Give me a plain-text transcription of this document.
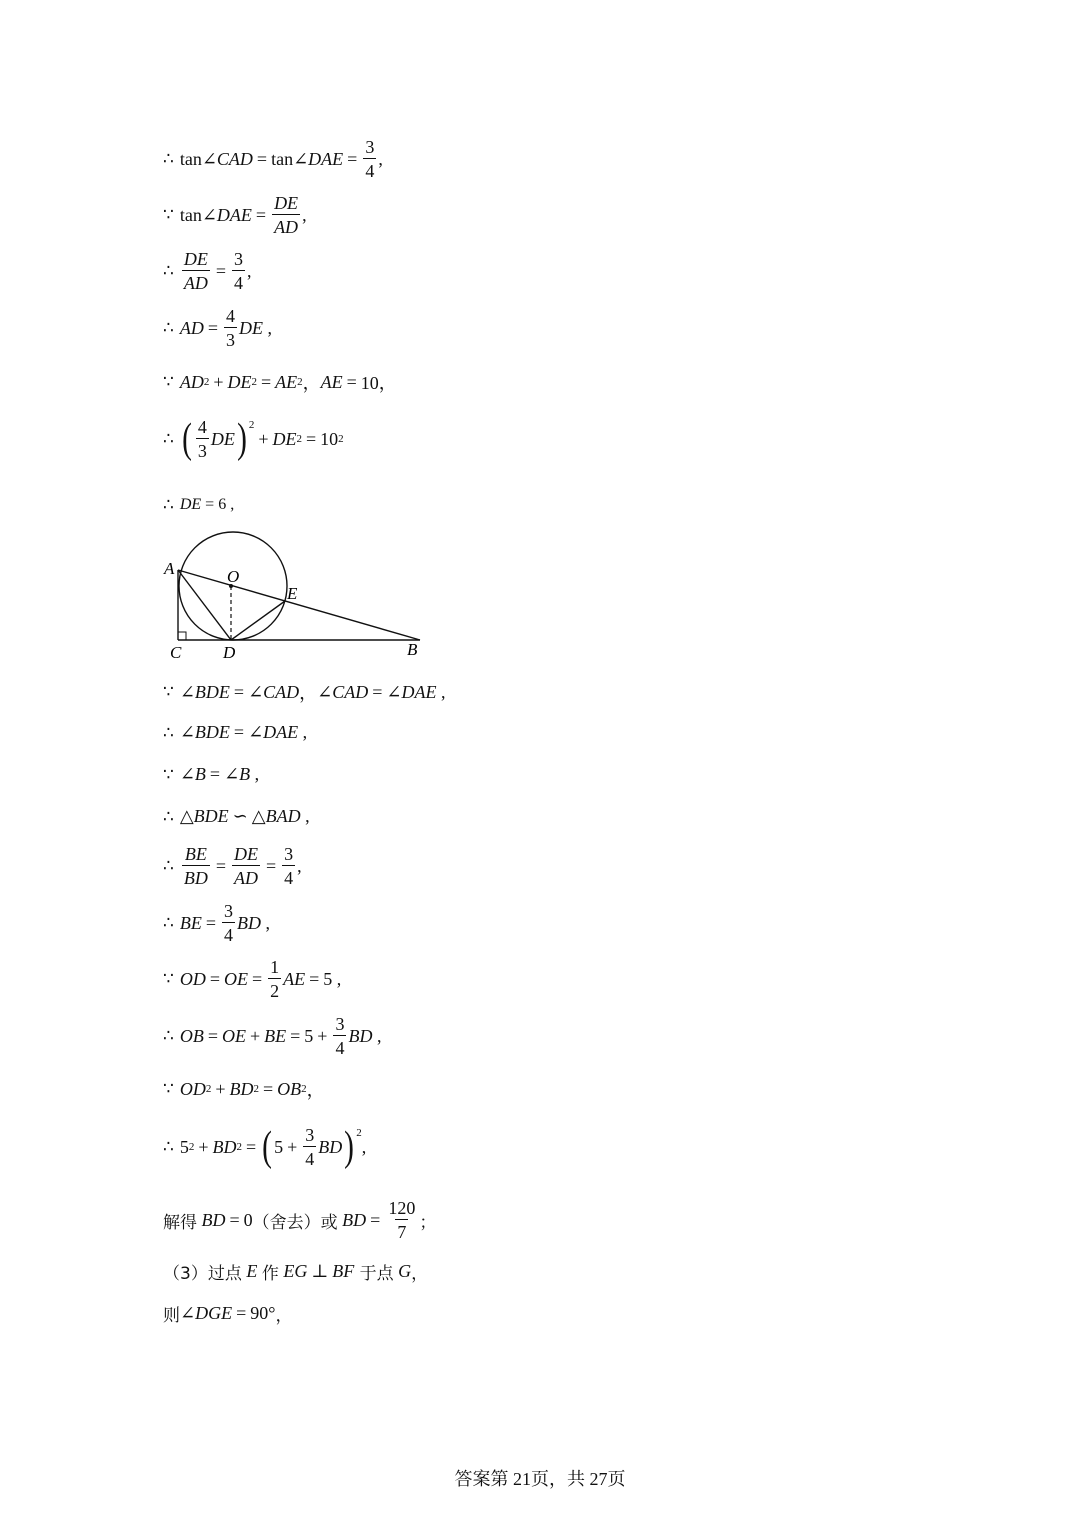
∴ tan ∠CAD = tan ∠DAE = $\frac{3}{4}$ ,
∵ tan ∠DAE = $\frac{DE}{AD}$ ,
∴ $\frac{DE}{AD} = \frac{3}{4}$ ,
∴ AD = $\frac{4}{3}$ DE ,
∵ AD 2 + DE 2 = AE 2 ， AE = 10，
∴ ( $\frac{4}{3}$ DE )$^2$
+ DE 2 = 10 2
∴ DE = 6 ,
A	O
E
C D	B
∵ ∠BDE = ∠CAD ， ∠CAD = ∠DAE ,
∴ ∠BDE = ∠DAE ,
∵ ∠B = ∠B ,
∴ △ BDE ∽ △ BAD ,
∴ $\frac{BE}{BD} = \frac{DE}{AD} = \frac{3}{4}$ ,
∴ BE = $\frac{3}{4}$ BD ,
∵ OD = OE = $\frac{1}{2}$ AE = 5 ,
∴ OB = OE + BE = $5 + \frac{3}{4}$ BD ,
∵ OD 2 + BD 2 = OB 2 ，
∴ 5 2 + BD 2 = ( $5 + \frac{3}{4}$ BD )$^2$
,
解得 BD = 0 （舍去）或 BD = $\frac{120}{7}$ ；
（3）过点 E 作 EG ⊥ BF 于点 G ，
则 ∠DGE = 90° ，
答案第 21页，共 27页
